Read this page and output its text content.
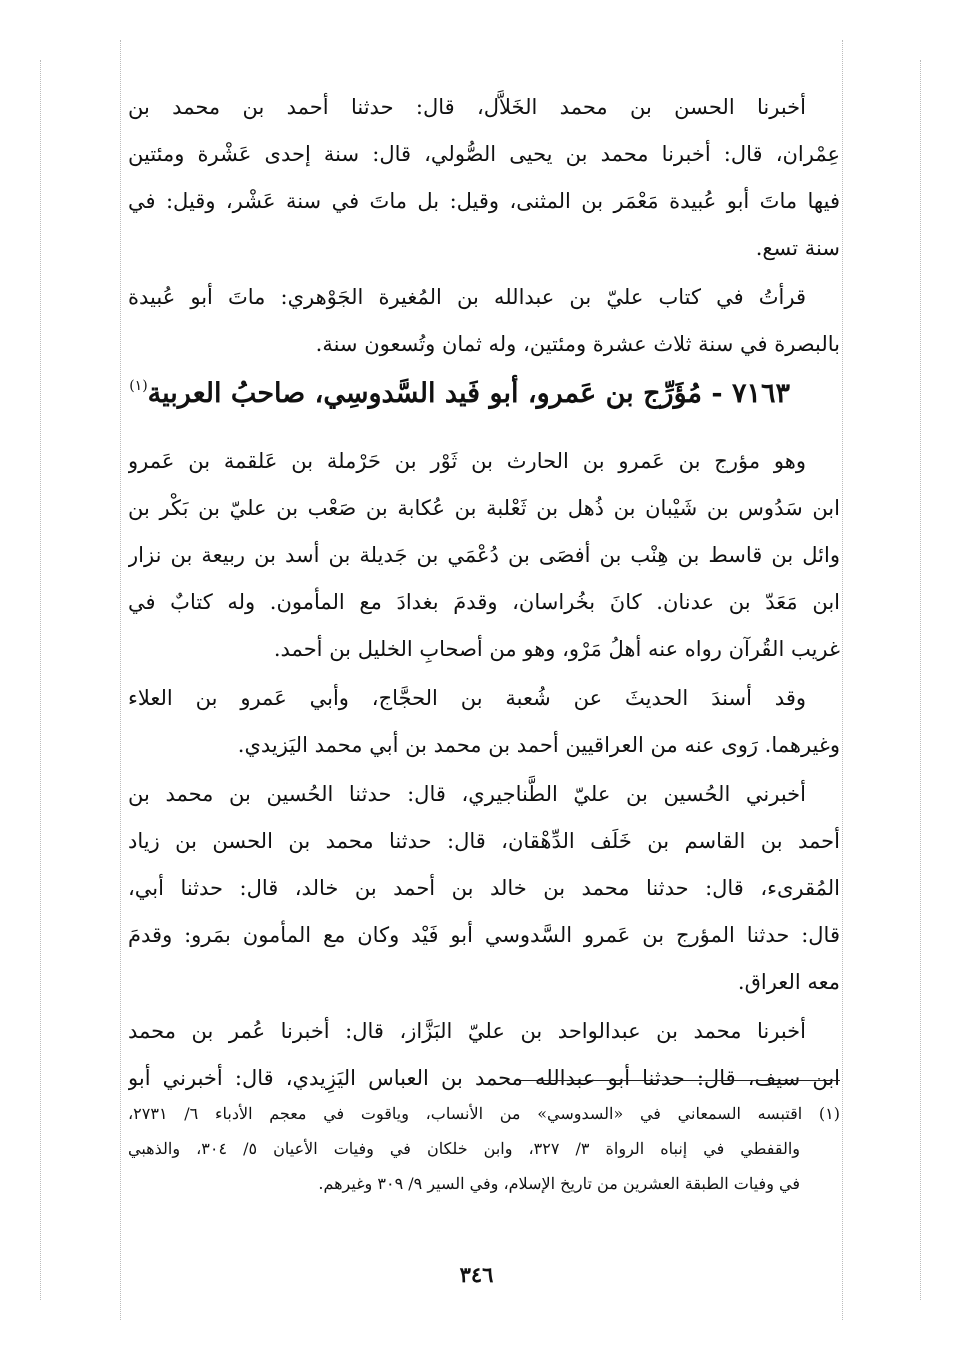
أخبرنا الحسن بن محمد الخَلاَّل، قال: حدثنا أحمد بن محمد بن
عِمْران، قال: أخبرنا محمد بن يحيى الصُّولي، قال: سنة إحدى عَشْرة ومئتين
فيها ماتَ أبو عُبيدة مَعْمَر بن المثنى، وقيل: بل ماتَ في سنة عَشْر، وقيل: في
سنة تسع.
قرأتُ في كتاب عليّ بن عبدالله بن المُغيرة الجَوْهري: ماتَ أبو عُبيدة
بالبصرة في سنة ثلاث عشرة ومئتين، وله ثمان وتُسعون سنة.
٧١٦٣ - مُؤَرِّج بن عَمرو، أبو فَيد السَّدوسِي، صاحبُ العربية$^{(١)}$
وهو مؤرج بن عَمرو بن الحارث بن ثَوْر بن حَرْملة بن عَلقمة بن عَمرو
ابن سَدُوس بن شَيْبان بن ذُهل بن ثَعْلبة بن عُكابة بن صَعْب بن عليّ بن بَكْر بن
وائل بن قاسط بن هِنْب بن أفصَى بن دُعْمَي بن جَديلة بن أسد بن ربيعة بن نزار
ابن مَعَدّ بن عدنان. كانَ بخُراسان، وقدمَ بغدادَ مع المأمون. وله كتابٌ في
غريب القُرآن رواه عنه أهلُ مَرْو، وهو من أصحابِ الخليل بن أحمد.
وقد أسندَ الحديثَ عن شُعبة بن الحجَّاج، وأبي عَمرو بن العلاء
وغيرهما. رَوى عنه من العراقيين أحمد بن محمد بن أبي محمد اليَزيدي.
أخبرني الحُسين بن عليّ الطَّناجيري، قال: حدثنا الحُسين بن محمد بن
أحمد بن القاسم بن خَلَف الدِّهْقان، قال: حدثنا محمد بن الحسن بن زياد
المُقرىء، قال: حدثنا محمد بن خالد بن أحمد بن خالد، قال: حدثنا أبي،
قال: حدثنا المؤرج بن عَمرو السَّدوسي أبو فَيْد وكان مع المأمون بمَرو: وقدمَ
معه العراق.
أخبرنا محمد بن عبدالواحد بن عليّ البَزَّاز، قال: أخبرنا عُمر بن محمد
ابن سيف، قال: حدثنا أبو عبدالله محمد بن العباس اليَزِيدي، قال: أخبرني أبو
(١) اقتبسه السمعاني في «السدوسي» من الأنساب، وياقوت في معجم الأدباء ٦/ ٢٧٣١،
والقفطي في إنباه الرواة ٣/ ٣٢٧، وابن خلكان في وفيات الأعيان ٥/ ٣٠٤، والذهبي
في وفيات الطبقة العشرين من تاريخ الإسلام، وفي السير ٩/ ٣٠٩ وغيرهم.
٣٤٦
